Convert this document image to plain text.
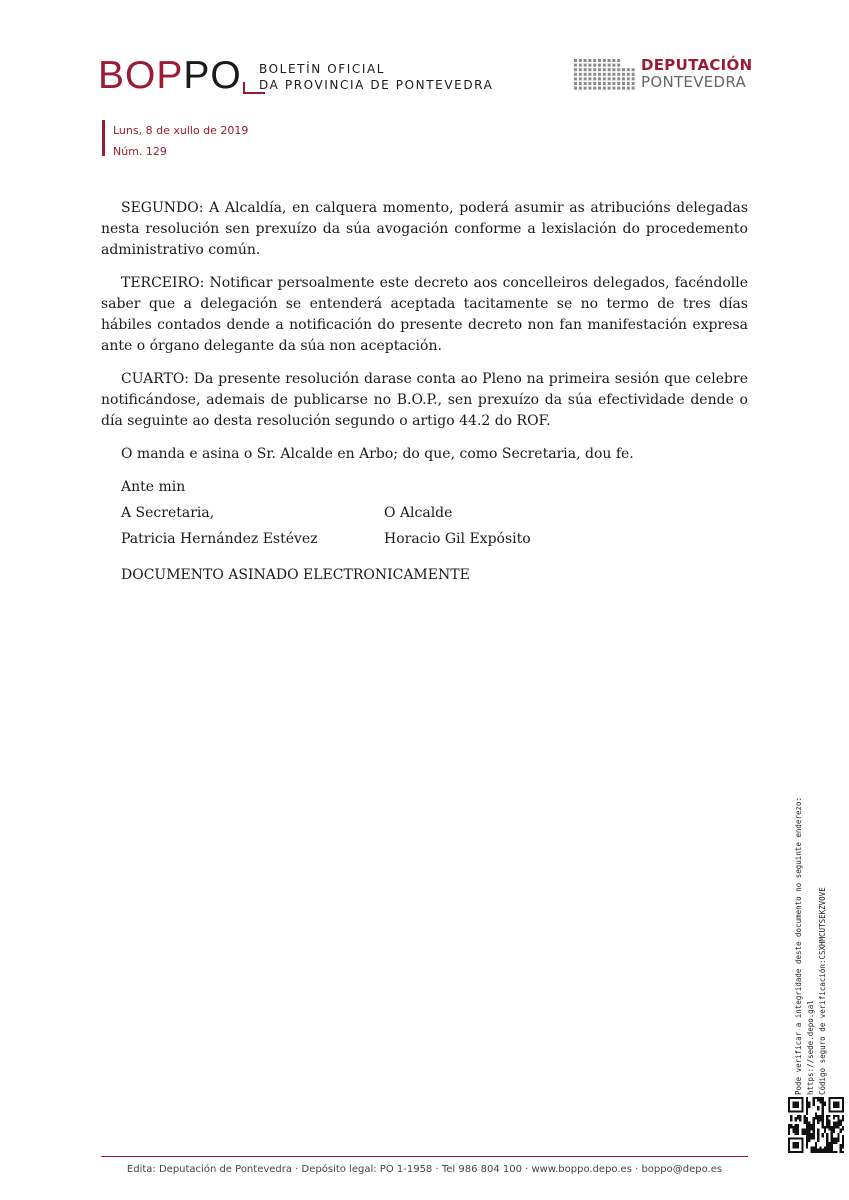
BOPPO BOLETÍN OFICIAL
DA PROVINCIA DE PONTEVEDRA
DEPUTACIÓN
PONTEVEDRA
Luns, 8 de xullo de 2019
Núm. 129

SEGUNDO: A Alcaldía, en calquera momento, poderá asumir as atribucións delegadas nesta resolución sen prexuízo da súa avogación conforme a lexislación do procedemento administrativo común.

TERCEIRO: Notificar persoalmente este decreto aos concelleiros delegados, facéndolle saber que a delegación se entenderá aceptada tacitamente se no termo de tres días hábiles contados dende a notificación do presente decreto non fan manifestación expresa ante o órgano delegante da súa non aceptación.

CUARTO: Da presente resolución darase conta ao Pleno na primeira sesión que celebre notificándose, ademais de publicarse no B.O.P., sen prexuízo da súa efectividade dende o día seguinte ao desta resolución segundo o artigo 44.2 do ROF.

O manda e asina o Sr. Alcalde en Arbo; do que, como Secretaria, dou fe.

Ante min
A Secretaria,	O Alcalde
Patricia Hernández Estévez	Horacio Gil Expósito
DOCUMENTO ASINADO ELECTRONICAMENTE
Pode verificar a integridade deste documento no seguinte enderezo: https://sede.depo.gal Código seguro de verificación:CSXHMCUTSEKZVOVE
Edita: Deputación de Pontevedra · Depósito legal: PO 1-1958 · Tel 986 804 100 · www.boppo.depo.es · boppo@depo.es
